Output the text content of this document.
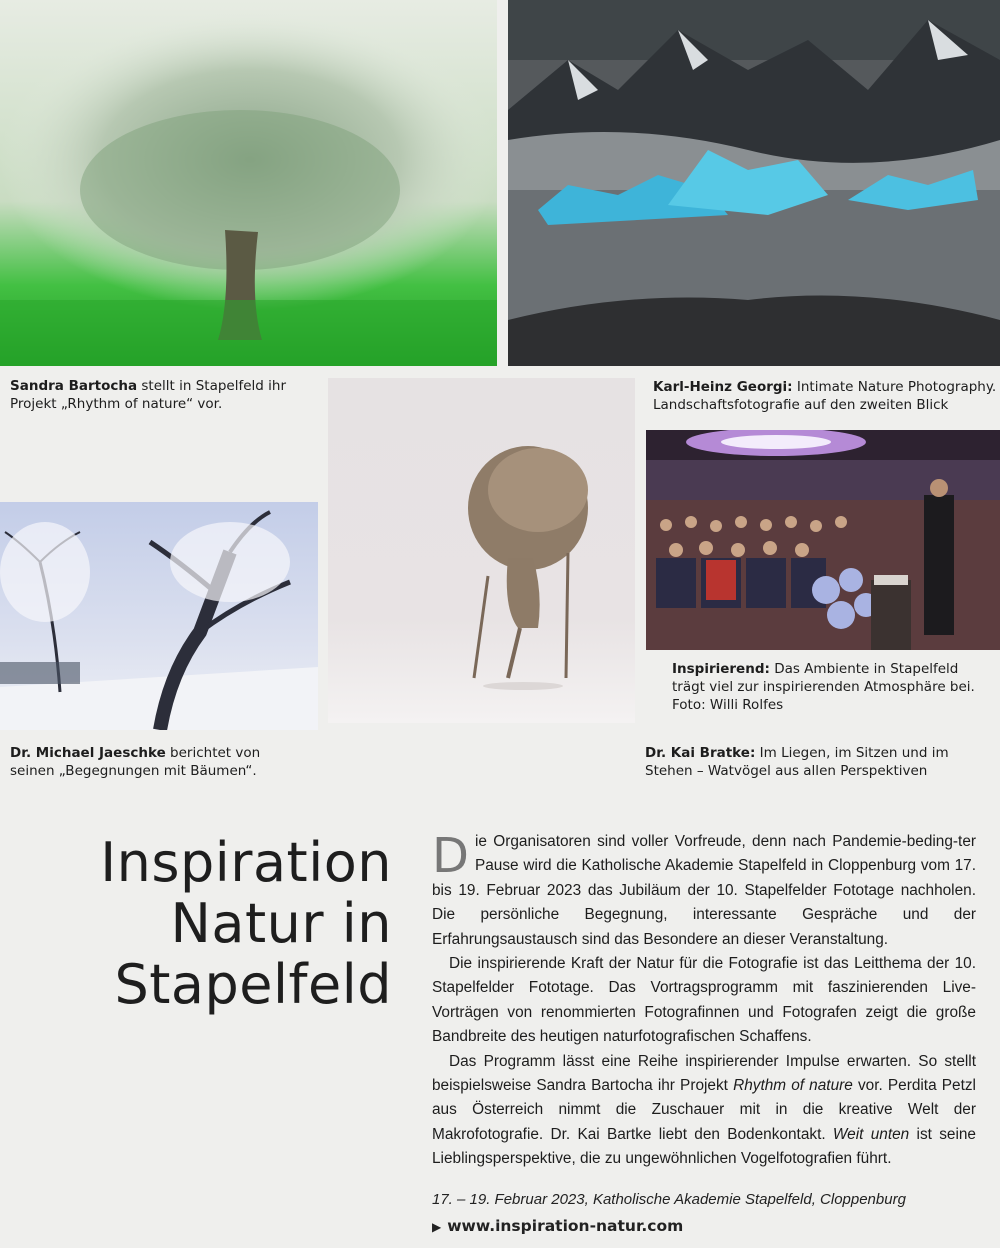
Sandra Bartocha stellt in Stapelfeld ihr
Projekt „Rhythm of nature“ vor.
Karl-Heinz Georgi: Intimate Nature Photography.
Landschaftsfotografie auf den zweiten Blick
Inspirierend: Das Ambiente in Stapelfeld
trägt viel zur inspirierenden Atmosphäre bei.
Foto: Willi Rolfes
Dr. Michael Jaeschke berichtet von
seinen „Begegnungen mit Bäumen“.
Dr. Kai Bratke: Im Liegen, im Sitzen und im
Stehen – Watvögel aus allen Perspektiven
Inspiration
Natur in
Stapelfeld

Die Organisatoren sind voller Vorfreude, denn nach Pandemie-beding-ter Pause wird die Katholische Akademie Stapelfeld in Cloppenburg vom 17. bis 19. Februar 2023 das Jubiläum der 10. Stapelfelder Fototage nachholen. Die persönliche Begegnung, interessante Gespräche und der Erfahrungsaustausch sind das Besondere an dieser Veranstaltung.

Die inspirierende Kraft der Natur für die Fotografie ist das Leitthema der 10. Stapelfelder Fototage. Das Vortragsprogramm mit faszinierenden Live-Vorträgen von renommierten Fotografinnen und Fotografen zeigt die große Bandbreite des heutigen naturfotografischen Schaffens.

Das Programm lässt eine Reihe inspirierender Impulse erwarten. So stellt beispielsweise Sandra Bartocha ihr Projekt Rhythm of nature vor. Perdita Petzl aus Österreich nimmt die Zuschauer mit in die kreative Welt der Makrofotografie. Dr. Kai Bartke liebt den Bodenkontakt. Weit unten ist seine Lieblingsperspektive, die zu ungewöhnlichen Vogelfotografien führt.

17. – 19. Februar 2023, Katholische Akademie Stapelfeld, Cloppenburg
▶ www.inspiration-natur.com
